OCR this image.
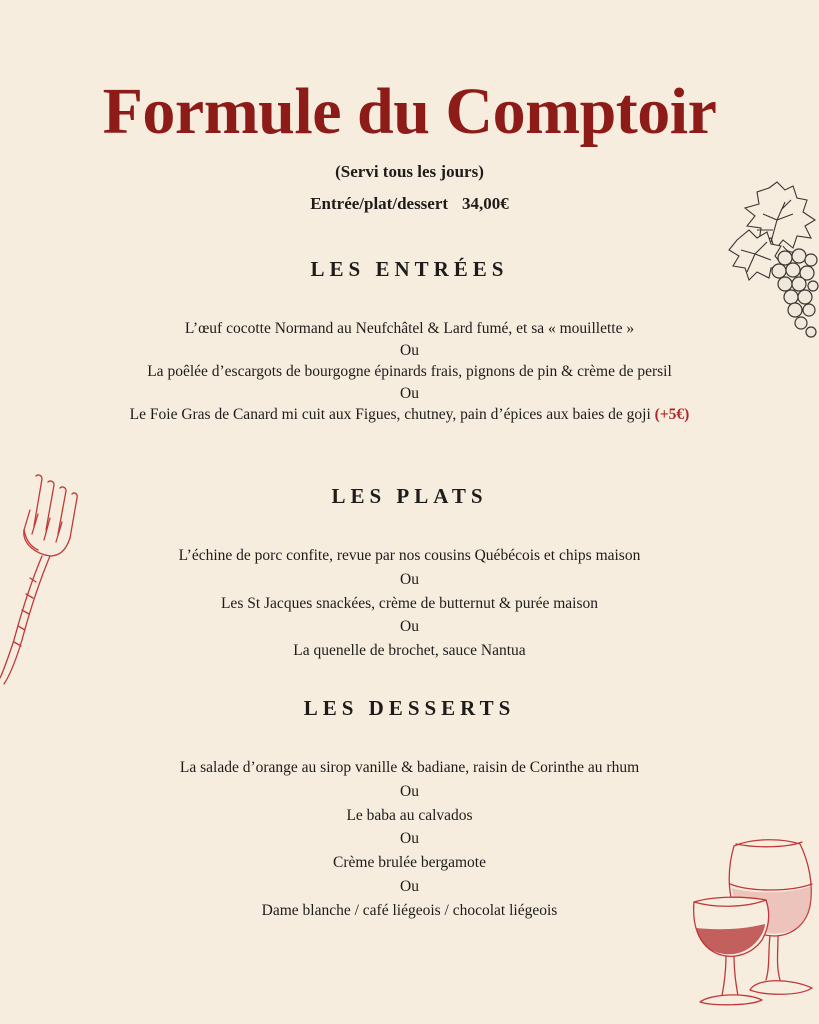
Formule du Comptoir
(Servi tous les jours)
Entrée/plat/dessert 34,00€
LES ENTRÉES
L’œuf cocotte Normand au Neufchâtel & Lard fumé, et sa « mouillette »
Ou
La poêlée d’escargots de bourgogne épinards frais, pignons de pin & crème de persil
Ou
Le Foie Gras de Canard mi cuit aux Figues, chutney, pain d’épices aux baies de goji (+5€)
LES PLATS
L’échine de porc confite, revue par nos cousins Québécois et chips maison
Ou
Les St Jacques snackées, crème de butternut & purée maison
Ou
La quenelle de brochet, sauce Nantua
LES DESSERTS
La salade d’orange au sirop vanille & badiane, raisin de Corinthe au rhum
Ou
Le baba au calvados
Ou
Crème brulée bergamote
Ou
Dame blanche / café liégeois / chocolat liégeois
